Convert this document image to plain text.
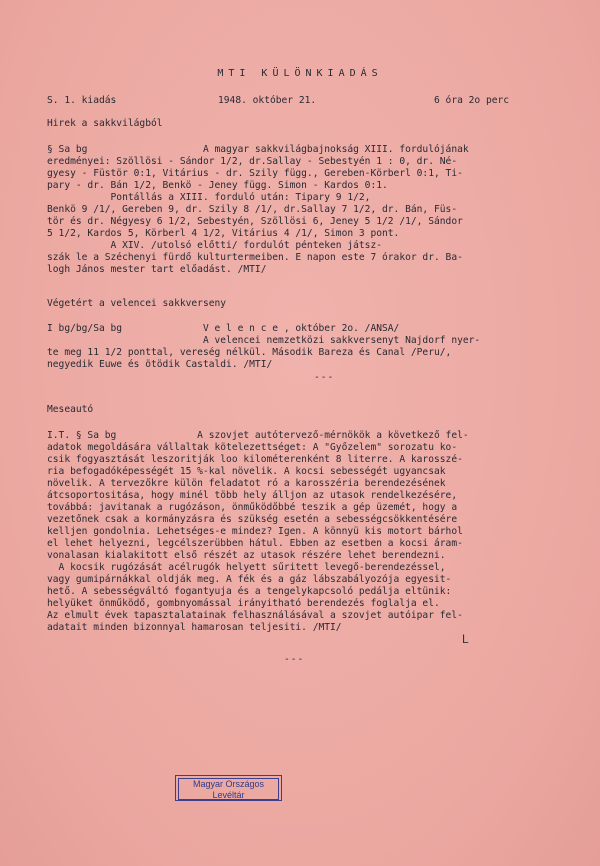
MTI KÜLÖNKIADÁS
S. 1. kiadás	1948. október 21.	6 óra 2o perc
Hirek a sakkvilágból
§ Sa bg                    A magyar sakkvilágbajnokság XIII. fordulójának
eredményei: Szöllösi - Sándor 1/2, dr.Sallay - Sebestyén 1 : 0, dr. Né-
gyesy - Füstör 0:1, Vitárius - dr. Szily függ., Gereben-Körberl 0:1, Ti-
pary - dr. Bán 1/2, Benkö - Jeney függ. Simon - Kardos 0:1.
Pontállás a XIII. forduló után: Tipary 9 1/2,
Benkö 9 /1/, Gereben 9, dr. Szily 8 /1/, dr.Sallay 7 1/2, dr. Bán, Füs-
tör és dr. Négyesy 6 1/2, Sebestyén, Szöllösi 6, Jeney 5 1/2 /1/, Sándor
5 1/2, Kardos 5, Körberl 4 1/2, Vitárius 4 /1/, Simon 3 pont.
A XIV. /utolsó előtti/ fordulót pénteken játsz-
szák le a Széchenyi fürdő kulturtermeiben. E napon este 7 órakor dr. Ba-
logh János mester tart előadást. /MTI/
Végetért a velencei sakkverseny
I bg/bg/Sa bg              V e l e n c e , október 2o. /ANSA/
A velencei nemzetközi sakkversenyt Najdorf nyer-
te meg 11 1/2 ponttal, vereség nélkül. Második Bareza és Canal /Peru/,
negyedik Euwe és ötödik Castaldi. /MTI/
---
Meseautó
I.T. § Sa bg              A szovjet autótervező-mérnökök a következő fel-
adatok megoldására vállaltak kötelezettséget: A "Győzelem" sorozatu ko-
csik fogyasztását leszoritják loo kilométerenként 8 literre. A karosszé-
ria befogadóképességét 15 %-kal növelik. A kocsi sebességét ugyancsak
növelik. A tervezőkre külön feladatot ró a karosszéria berendezésének
átcsoportositása, hogy minél több hely álljon az utasok rendelkezésére,
továbbá: javitanak a rugózáson, önműködőbbé teszik a gép üzemét, hogy a
vezetőnek csak a kormányzásra és szükség esetén a sebességcsökkentésére
kelljen gondolnia. Lehetséges-e mindez? Igen. A könnyü kis motort bárhol
el lehet helyezni, legcélszerübben hátul. Ebben az esetben a kocsi áram-
vonalasan kialakitott első részét az utasok részére lehet berendezni.
A kocsik rugózását acélrugók helyett sűritett levegő-berendezéssel,
vagy gumipárnákkal oldják meg. A fék és a gáz lábszabályozója egyesit-
hető. A sebességváltó fogantyuja és a tengelykapcsoló pedálja eltünik:
helyüket önműködő, gombnyomással irányitható berendezés foglalja el.
Az elmult évek tapasztalatainak felhasználásával a szovjet autóipar fel-
adatait minden bizonnyal hamarosan teljesiti. /MTI/
L
---
Magyar Országos
Levéltár
